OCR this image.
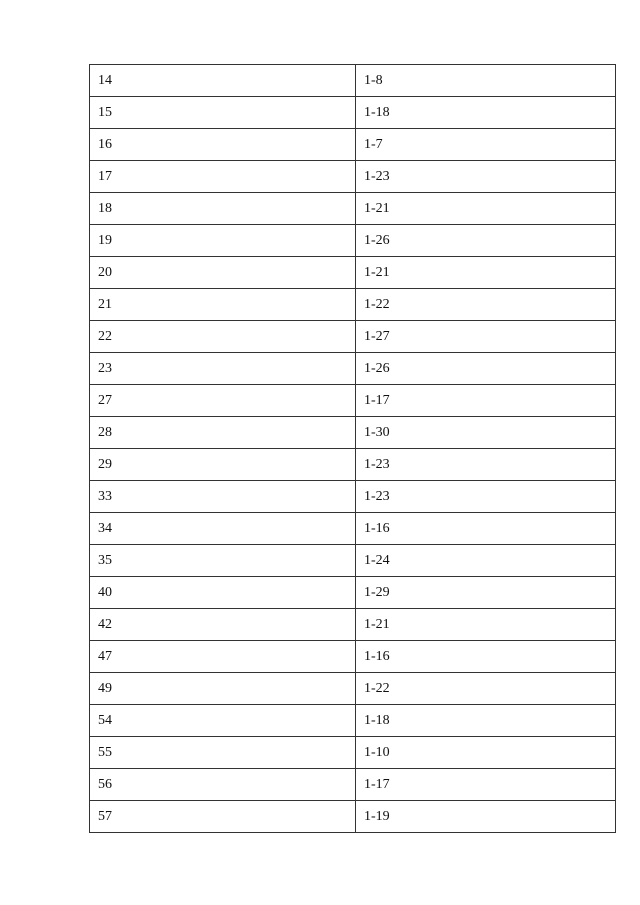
14	1-8
15	1-18
16	1-7
17	1-23
18	1-21
19	1-26
20	1-21
21	1-22
22	1-27
23	1-26
27	1-17
28	1-30
29	1-23
33	1-23
34	1-16
35	1-24
40	1-29
42	1-21
47	1-16
49	1-22
54	1-18
55	1-10
56	1-17
57	1-19
